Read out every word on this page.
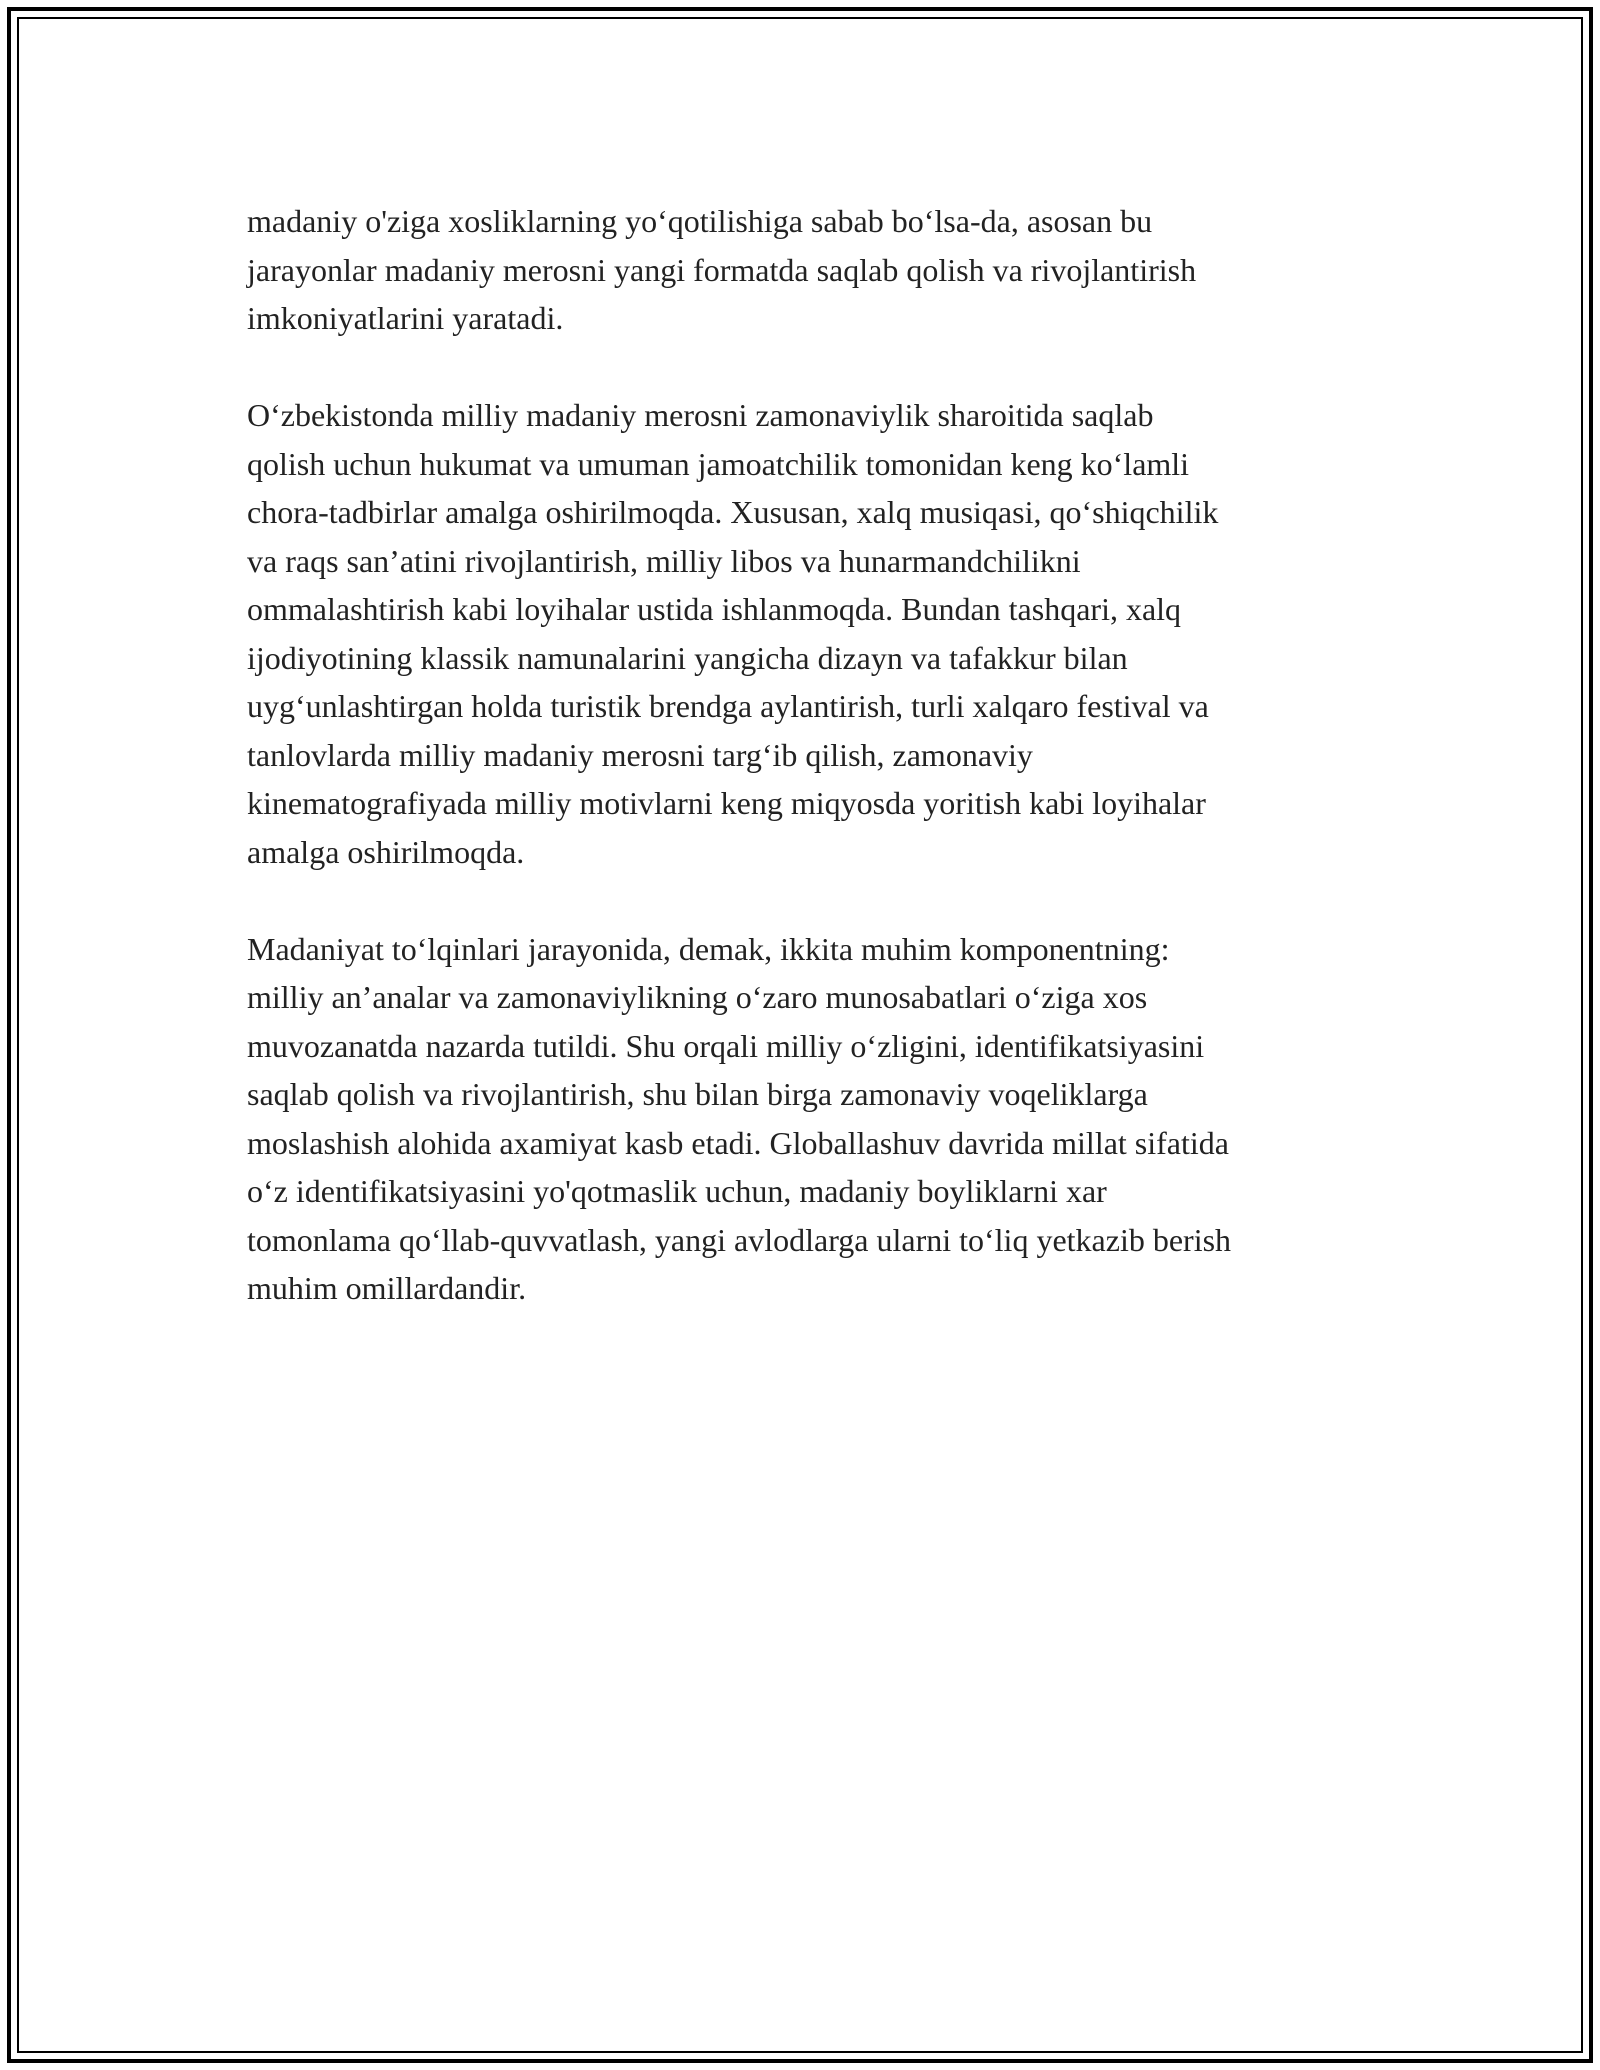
madaniy o'ziga xosliklarning yo‘qotilishiga sabab bo‘lsa-da, asosan bu
jarayonlar madaniy merosni yangi formatda saqlab qolish va rivojlantirish
imkoniyatlarini yaratadi.

O‘zbekistonda milliy madaniy merosni zamonaviylik sharoitida saqlab
qolish uchun hukumat va umuman jamoatchilik tomonidan keng ko‘lamli
chora-tadbirlar amalga oshirilmoqda. Xususan, xalq musiqasi, qo‘shiqchilik
va raqs san’atini rivojlantirish, milliy libos va hunarmandchilikni
ommalashtirish kabi loyihalar ustida ishlanmoqda. Bundan tashqari, xalq
ijodiyotining klassik namunalarini yangicha dizayn va tafakkur bilan
uyg‘unlashtirgan holda turistik brendga aylantirish, turli xalqaro festival va
tanlovlarda milliy madaniy merosni targ‘ib qilish, zamonaviy
kinematografiyada milliy motivlarni keng miqyosda yoritish kabi loyihalar
amalga oshirilmoqda.

Madaniyat to‘lqinlari jarayonida, demak, ikkita muhim komponentning:
milliy an’analar va zamonaviylikning o‘zaro munosabatlari o‘ziga xos
muvozanatda nazarda tutildi. Shu orqali milliy o‘zligini, identifikatsiyasini
saqlab qolish va rivojlantirish, shu bilan birga zamonaviy voqeliklarga
moslashish alohida axamiyat kasb etadi. Globallashuv davrida millat sifatida
o‘z identifikatsiyasini yo'qotmaslik uchun, madaniy boyliklarni xar
tomonlama qo‘llab-quvvatlash, yangi avlodlarga ularni to‘liq yetkazib berish
muhim omillardandir.
